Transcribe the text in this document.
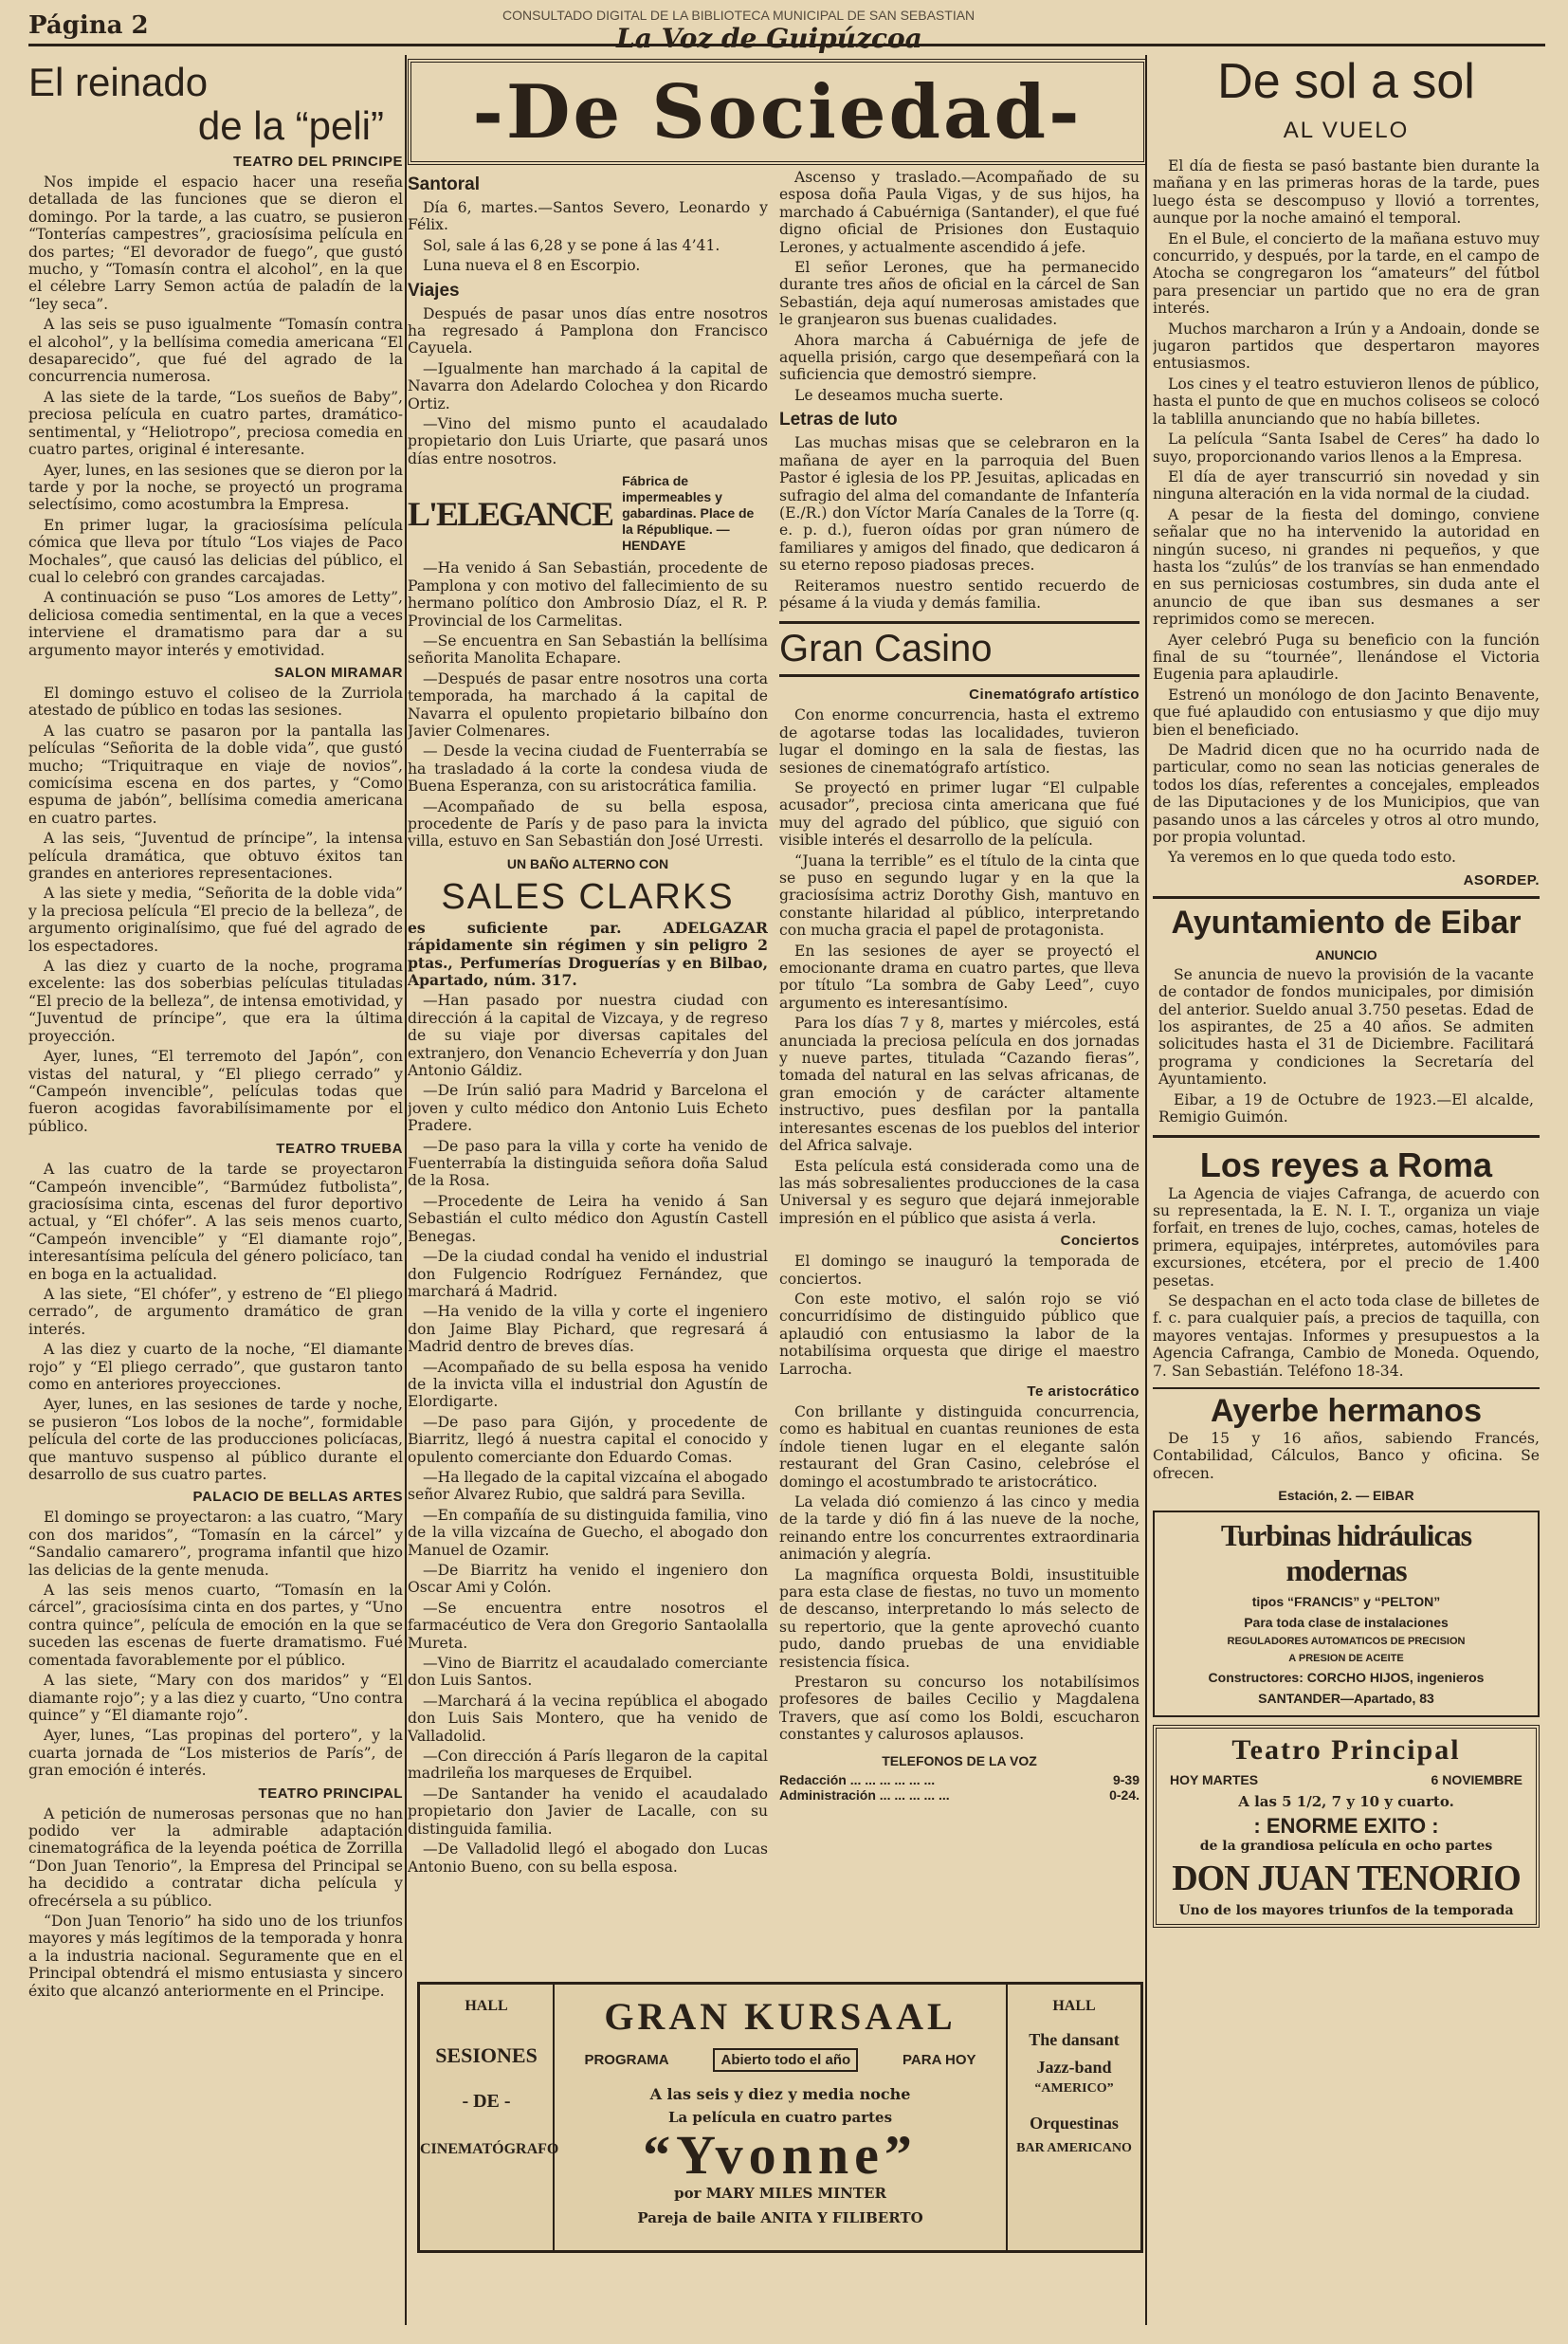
Página 2	CONSULTADO DIGITAL DE LA BIBLIOTECA MUNICIPAL DE SAN SEBASTIAN
La Voz de Guipúzcoa
El reinado
de la “peli”
TEATRO DEL PRINCIPE

Nos impide el espacio hacer una reseña detallada de las funciones que se dieron el domingo. Por la tarde, a las cuatro, se pusieron “Tonterías campestres”, graciosísima película en dos partes; “El devorador de fuego”, que gustó mucho, y “Tomasín contra el alcohol”, en la que el célebre Larry Semon actúa de paladín de la “ley seca”.

A las seis se puso igualmente “Tomasín contra el alcohol”, y la bellísima comedia americana “El desaparecido”, que fué del agrado de la concurrencia numerosa.

A las siete de la tarde, “Los sueños de Baby”, preciosa película en cuatro partes, dramático-sentimental, y “Heliotropo”, preciosa comedia en cuatro partes, original é interesante.

Ayer, lunes, en las sesiones que se dieron por la tarde y por la noche, se proyectó un programa selectísimo, como acostumbra la Empresa.

En primer lugar, la graciosísima película cómica que lleva por título “Los viajes de Paco Mochales”, que causó las delicias del público, el cual lo celebró con grandes carcajadas.

A continuación se puso “Los amores de Letty”, deliciosa comedia sentimental, en la que a veces interviene el dramatismo para dar a su argumento mayor interés y emotividad.

SALON MIRAMAR

El domingo estuvo el coliseo de la Zurriola atestado de público en todas las sesiones.

A las cuatro se pasaron por la pantalla las películas “Señorita de la doble vida”, que gustó mucho; “Triquitraque en viaje de novios”, comicísima escena en dos partes, y “Como espuma de jabón”, bellísima comedia americana en cuatro partes.

A las seis, “Juventud de príncipe”, la intensa película dramática, que obtuvo éxitos tan grandes en anteriores representaciones.

A las siete y media, “Señorita de la doble vida” y la preciosa película “El precio de la belleza”, de argumento originalísimo, que fué del agrado de los espectadores.

A las diez y cuarto de la noche, programa excelente: las dos soberbias películas tituladas “El precio de la belleza”, de intensa emotividad, y “Juventud de príncipe”, que era la última proyección.

Ayer, lunes, “El terremoto del Japón”, con vistas del natural, y “El pliego cerrado” y “Campeón invencible”, películas todas que fueron acogidas favorabilísimamente por el público.

TEATRO TRUEBA

A las cuatro de la tarde se proyectaron “Campeón invencible”, “Barmúdez futbolista”, graciosísima cinta, escenas del furor deportivo actual, y “El chófer”. A las seis menos cuarto, “Campeón invencible” y “El diamante rojo”, interesantísima película del género policíaco, tan en boga en la actualidad.

A las siete, “El chófer”, y estreno de “El pliego cerrado”, de argumento dramático de gran interés.

A las diez y cuarto de la noche, “El diamante rojo” y “El pliego cerrado”, que gustaron tanto como en anteriores proyecciones.

Ayer, lunes, en las sesiones de tarde y noche, se pusieron “Los lobos de la noche”, formidable película del corte de las producciones policíacas, que mantuvo suspenso al público durante el desarrollo de sus cuatro partes.

PALACIO DE BELLAS ARTES

El domingo se proyectaron: a las cuatro, “Mary con dos maridos”, “Tomasín en la cárcel” y “Sandalio camarero”, programa infantil que hizo las delicias de la gente menuda.

A las seis menos cuarto, “Tomasín en la cárcel”, graciosísima cinta en dos partes, y “Uno contra quince”, película de emoción en la que se suceden las escenas de fuerte dramatismo. Fué comentada favorablemente por el público.

A las siete, “Mary con dos maridos” y “El diamante rojo”; y a las diez y cuarto, “Uno contra quince” y “El diamante rojo”.

Ayer, lunes, “Las propinas del portero”, y la cuarta jornada de “Los misterios de París”, de gran emoción é interés.

TEATRO PRINCIPAL

A petición de numerosas personas que no han podido ver la admirable adaptación cinematográfica de la leyenda poética de Zorrilla “Don Juan Tenorio”, la Empresa del Principal se ha decidido a contratar dicha película y ofrecérsela a su público.

“Don Juan Tenorio” ha sido uno de los triunfos mayores y más legítimos de la temporada y honra a la industria nacional. Seguramente que en el Principal obtendrá el mismo entusiasta y sincero éxito que alcanzó anteriormente en el Principe.

-De Sociedad-
Santoral

Día 6, martes.—Santos Severo, Leonardo y Félix.

Sol, sale á las 6,28 y se pone á las 4’41.

Luna nueva el 8 en Escorpio.

Viajes

Después de pasar unos días entre nosotros ha regresado á Pamplona don Francisco Cayuela.

—Igualmente han marchado á la capital de Navarra don Adelardo Colochea y don Ricardo Ortiz.

—Vino del mismo punto el acaudalado propietario don Luis Uriarte, que pasará unos días entre nosotros.

L'ELEGANCE
Fábrica de impermeables y gabardinas. Place de la République. — HENDAYE

—Ha venido á San Sebastián, procedente de Pamplona y con motivo del fallecimiento de su hermano político don Ambrosio Díaz, el R. P. Provincial de los Carmelitas.

—Se encuentra en San Sebastián la bellísima señorita Manolita Echapare.

—Después de pasar entre nosotros una corta temporada, ha marchado á la capital de Navarra el opulento propietario bilbaíno don Javier Colmenares.

— Desde la vecina ciudad de Fuenterrabía se ha trasladado á la corte la condesa viuda de Buena Esperanza, con su aristocrática familia.

—Acompañado de su bella esposa, procedente de París y de paso para la invicta villa, estuvo en San Sebastián don José Urresti.

UN BAÑO ALTERNO CON
SALES CLARKS

es suficiente par. ADELGAZAR rápidamente sin régimen y sin peligro 2 ptas., Perfumerías Droguerías y en Bilbao, Apartado, núm. 317.

—Han pasado por nuestra ciudad con dirección á la capital de Vizcaya, y de regreso de su viaje por diversas capitales del extranjero, don Venancio Echeverría y don Juan Antonio Gáldiz.

—De Irún salió para Madrid y Barcelona el joven y culto médico don Antonio Luis Echeto Pradere.

—De paso para la villa y corte ha venido de Fuenterrabía la distinguida señora doña Salud de la Rosa.

—Procedente de Leira ha venido á San Sebastián el culto médico don Agustín Castell Benegas.

—De la ciudad condal ha venido el industrial don Fulgencio Rodríguez Fernández, que marchará á Madrid.

—Ha venido de la villa y corte el ingeniero don Jaime Blay Pichard, que regresará á Madrid dentro de breves días.

—Acompañado de su bella esposa ha venido de la invicta villa el industrial don Agustín de Elordigarte.

—De paso para Gijón, y procedente de Biarritz, llegó á nuestra capital el conocido y opulento comerciante don Eduardo Comas.

—Ha llegado de la capital vizcaína el abogado señor Alvarez Rubio, que saldrá para Sevilla.

—En compañía de su distinguida familia, vino de la villa vizcaína de Guecho, el abogado don Manuel de Ozamir.

—De Biarritz ha venido el ingeniero don Oscar Ami y Colón.

—Se encuentra entre nosotros el farmacéutico de Vera don Gregorio Santaolalla Mureta.

—Vino de Biarritz el acaudalado comerciante don Luis Santos.

—Marchará á la vecina república el abogado don Luis Sais Montero, que ha venido de Valladolid.

—Con dirección á París llegaron de la capital madrileña los marqueses de Erquibel.

—De Santander ha venido el acaudalado propietario don Javier de Lacalle, con su distinguida familia.

—De Valladolid llegó el abogado don Lucas Antonio Bueno, con su bella esposa.

Ascenso y traslado.—Acompañado de su esposa doña Paula Vigas, y de sus hijos, ha marchado á Cabuérniga (Santander), el que fué digno oficial de Prisiones don Eustaquio Lerones, y actualmente ascendido á jefe.

El señor Lerones, que ha permanecido durante tres años de oficial en la cárcel de San Sebastián, deja aquí numerosas amistades que le granjearon sus buenas cualidades.

Ahora marcha á Cabuérniga de jefe de aquella prisión, cargo que desempeñará con la suficiencia que demostró siempre.

Le deseamos mucha suerte.

Letras de luto

Las muchas misas que se celebraron en la mañana de ayer en la parroquia del Buen Pastor é iglesia de los PP. Jesuitas, aplicadas en sufragio del alma del comandante de Infantería (E./R.) don Víctor María Canales de la Torre (q. e. p. d.), fueron oídas por gran número de familiares y amigos del finado, que dedicaron á su eterno reposo piadosas preces.

Reiteramos nuestro sentido recuerdo de pésame á la viuda y demás familia.

Gran Casino
Cinematógrafo artístico

Con enorme concurrencia, hasta el extremo de agotarse todas las localidades, tuvieron lugar el domingo en la sala de fiestas, las sesiones de cinematógrafo artístico.

Se proyectó en primer lugar “El culpable acusador”, preciosa cinta americana que fué muy del agrado del público, que siguió con visible interés el desarrollo de la película.

“Juana la terrible” es el título de la cinta que se puso en segundo lugar y en la que la graciosísima actriz Dorothy Gish, mantuvo en constante hilaridad al público, interpretando con mucha gracia el papel de protagonista.

En las sesiones de ayer se proyectó el emocionante drama en cuatro partes, que lleva por título “La sombra de Gaby Leed”, cuyo argumento es interesantísimo.

Para los días 7 y 8, martes y miércoles, está anunciada la preciosa película en dos jornadas y nueve partes, titulada “Cazando fieras”, tomada del natural en las selvas africanas, de gran emoción y de carácter altamente instructivo, pues desfilan por la pantalla interesantes escenas de los pueblos del interior del Africa salvaje.

Esta película está considerada como una de las más sobresalientes producciones de la casa Universal y es seguro que dejará inmejorable impresión en el público que asista á verla.

Conciertos

El domingo se inauguró la temporada de conciertos.

Con este motivo, el salón rojo se vió concurridísimo de distinguido público que aplaudió con entusiasmo la labor de la notabilísima orquesta que dirige el maestro Larrocha.

Te aristocrático

Con brillante y distinguida concurrencia, como es habitual en cuantas reuniones de esta índole tienen lugar en el elegante salón restaurant del Gran Casino, celebróse el domingo el acostumbrado te aristocrático.

La velada dió comienzo á las cinco y media de la tarde y dió fin á las nueve de la noche, reinando entre los concurrentes extraordinaria animación y alegría.

La magnífica orquesta Boldi, insustituible para esta clase de fiestas, no tuvo un momento de descanso, interpretando lo más selecto de su repertorio, que la gente aprovechó cuanto pudo, dando pruebas de una envidiable resistencia física.

Prestaron su concurso los notabilísimos profesores de bailes Cecilio y Magdalena Travers, que así como los Boldi, escucharon constantes y calurosos aplausos.

TELEFONOS DE LA VOZ
Redacción ... ... ... ... ... ...	9-39
Administración ... ... ... ... ...	0-24.
HALL
SESIONES
- DE -
CINEMATÓGRAFO
GRAN KURSAAL
PROGRAMA	Abierto todo el año	PARA HOY
A las seis y diez y media noche
La película en cuatro partes
“Yvonne”
por MARY MILES MINTER
Pareja de baile ANITA Y FILIBERTO
HALL
The dansant
Jazz-band
“AMERICO”
Orquestinas
BAR AMERICANO
De sol a sol
AL VUELO

El día de fiesta se pasó bastante bien durante la mañana y en las primeras horas de la tarde, pues luego ésta se descompuso y llovió a torrentes, aunque por la noche amainó el temporal.

En el Bule, el concierto de la mañana estuvo muy concurrido, y después, por la tarde, en el campo de Atocha se congregaron los “amateurs” del fútbol para presenciar un partido que no era de gran interés.

Muchos marcharon a Irún y a Andoain, donde se jugaron partidos que despertaron mayores entusiasmos.

Los cines y el teatro estuvieron llenos de público, hasta el punto de que en muchos coliseos se colocó la tablilla anunciando que no había billetes.

La película “Santa Isabel de Ceres” ha dado lo suyo, proporcionando varios llenos a la Empresa.

El día de ayer transcurrió sin novedad y sin ninguna alteración en la vida normal de la ciudad.

A pesar de la fiesta del domingo, conviene señalar que no ha intervenido la autoridad en ningún suceso, ni grandes ni pequeños, y que hasta los “zulús” de los tranvías se han enmendado en sus perniciosas costumbres, sin duda ante el anuncio de que iban sus desmanes a ser reprimidos como se merecen.

Ayer celebró Puga su beneficio con la función final de su “tournée”, llenándose el Victoria Eugenia para aplaudirle.

Estrenó un monólogo de don Jacinto Benavente, que fué aplaudido con entusiasmo y que dijo muy bien el beneficiado.

De Madrid dicen que no ha ocurrido nada de particular, como no sean las noticias generales de todos los días, referentes a concejales, empleados de las Diputaciones y de los Municipios, que van pasando unos a las cárceles y otros al otro mundo, por propia voluntad.

Ya veremos en lo que queda todo esto.

ASORDEP.
Ayuntamiento de Eibar
ANUNCIO

Se anuncia de nuevo la provisión de la vacante de contador de fondos municipales, por dimisión del anterior. Sueldo anual 3.750 pesetas. Edad de los aspirantes, de 25 a 40 años. Se admiten solicitudes hasta el 31 de Diciembre. Facilitará programa y condiciones la Secretaría del Ayuntamiento.

Eibar, a 19 de Octubre de 1923.—El alcalde, Remigio Guimón.

Los reyes a Roma

La Agencia de viajes Cafranga, de acuerdo con su representada, la E. N. I. T., organiza un viaje forfait, en trenes de lujo, coches, camas, hoteles de primera, equipajes, intérpretes, automóviles para excursiones, etcétera, por el precio de 1.400 pesetas.

Se despachan en el acto toda clase de billetes de f. c. para cualquier país, a precios de taquilla, con mayores ventajas. Informes y presupuestos a la Agencia Cafranga, Cambio de Moneda. Oquendo, 7. San Sebastián. Teléfono 18-34.

Ayerbe hermanos

De 15 y 16 años, sabiendo Francés, Contabilidad, Cálculos, Banco y oficina. Se ofrecen.

Estación, 2. — EIBAR
Turbinas hidráulicas modernas
tipos “FRANCIS” y “PELTON”
Para toda clase de instalaciones
REGULADORES AUTOMATICOS DE PRECISION
A PRESION DE ACEITE
Constructores: CORCHO HIJOS, ingenieros
SANTANDER—Apartado, 83
Teatro Principal
HOY MARTES	6 NOVIEMBRE
A las 5 1/2, 7 y 10 y cuarto.
: ENORME EXITO :
de la grandiosa película en ocho partes
DON JUAN TENORIO
Uno de los mayores triunfos de la temporada
